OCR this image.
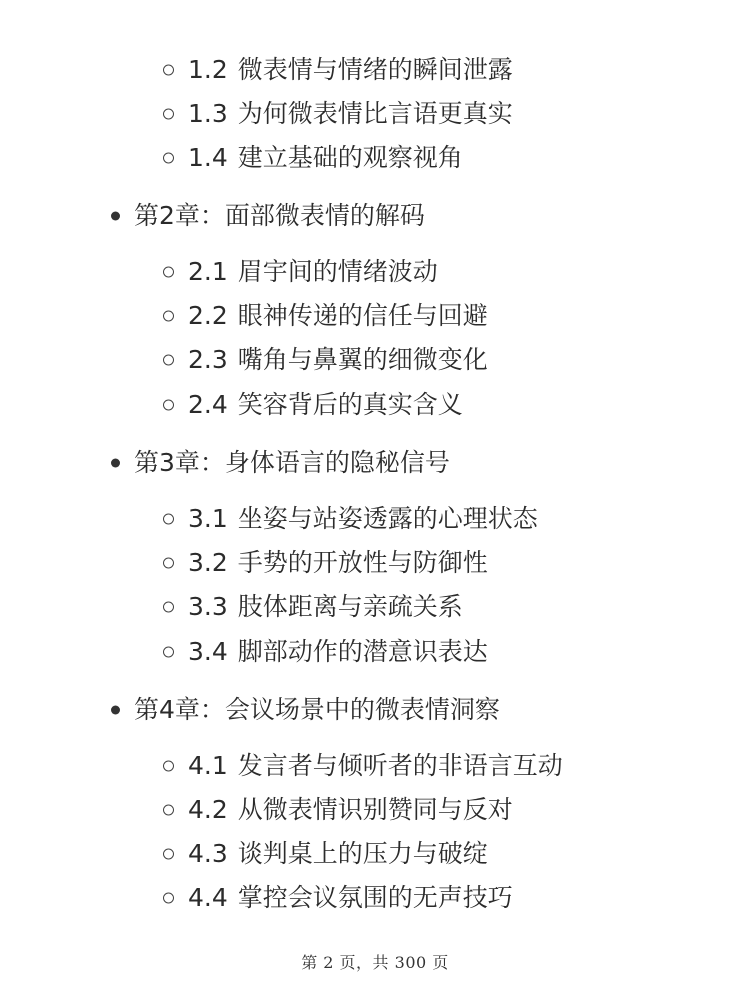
1.2 微表情与情绪的瞬间泄露
1.3 为何微表情比言语更真实
1.4 建立基础的观察视角
第2章：面部微表情的解码
2.1 眉宇间的情绪波动
2.2 眼神传递的信任与回避
2.3 嘴角与鼻翼的细微变化
2.4 笑容背后的真实含义
第3章：身体语言的隐秘信号
3.1 坐姿与站姿透露的心理状态
3.2 手势的开放性与防御性
3.3 肢体距离与亲疏关系
3.4 脚部动作的潜意识表达
第4章：会议场景中的微表情洞察
4.1 发言者与倾听者的非语言互动
4.2 从微表情识别赞同与反对
4.3 谈判桌上的压力与破绽
4.4 掌控会议氛围的无声技巧
第 2 页，共 300 页
